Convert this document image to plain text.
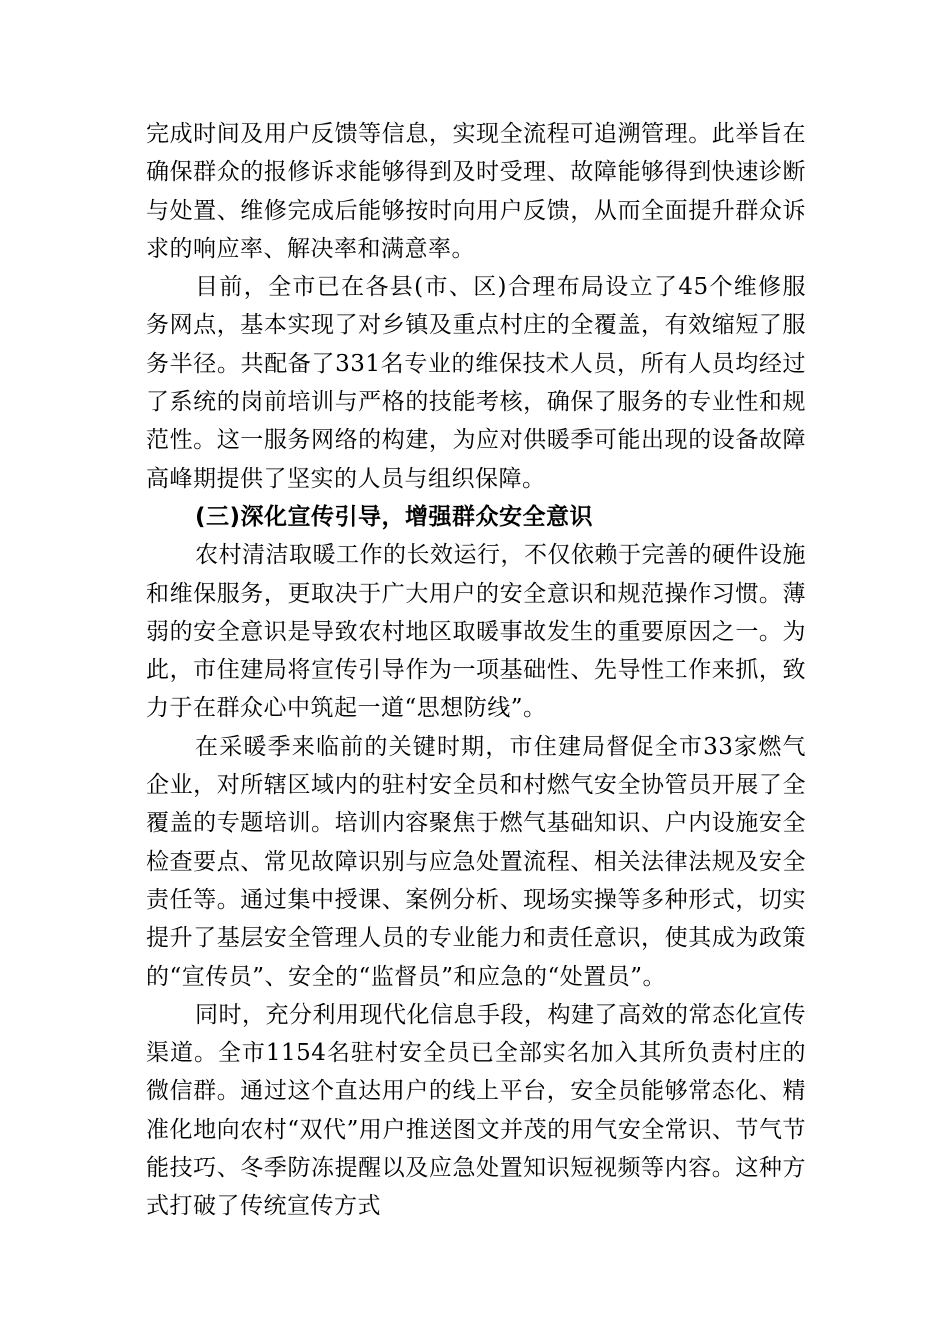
完成时间及用户反馈等信息，实现全流程可追溯管理。此举旨在确保群众的报修诉求能够得到及时受理、故障能够得到快速诊断与处置、维修完成后能够按时向用户反馈，从而全面提升群众诉求的响应率、解决率和满意率。

目前，全市已在各县(市、区)合理布局设立了45个维修服务网点，基本实现了对乡镇及重点村庄的全覆盖，有效缩短了服务半径。共配备了331名专业的维保技术人员，所有人员均经过了系统的岗前培训与严格的技能考核，确保了服务的专业性和规范性。这一服务网络的构建，为应对供暖季可能出现的设备故障高峰期提供了坚实的人员与组织保障。

(三)深化宣传引导，增强群众安全意识

农村清洁取暖工作的长效运行，不仅依赖于完善的硬件设施和维保服务，更取决于广大用户的安全意识和规范操作习惯。薄弱的安全意识是导致农村地区取暖事故发生的重要原因之一。为此，市住建局将宣传引导作为一项基础性、先导性工作来抓，致力于在群众心中筑起一道“思想防线”。

在采暖季来临前的关键时期，市住建局督促全市33家燃气企业，对所辖区域内的驻村安全员和村燃气安全协管员开展了全覆盖的专题培训。培训内容聚焦于燃气基础知识、户内设施安全检查要点、常见故障识别与应急处置流程、相关法律法规及安全责任等。通过集中授课、案例分析、现场实操等多种形式，切实提升了基层安全管理人员的专业能力和责任意识，使其成为政策的“宣传员”、安全的“监督员”和应急的“处置员”。

同时，充分利用现代化信息手段，构建了高效的常态化宣传渠道。全市1154名驻村安全员已全部实名加入其所负责村庄的微信群。通过这个直达用户的线上平台，安全员能够常态化、精准化地向农村“双代”用户推送图文并茂的用气安全常识、节气节能技巧、冬季防冻提醒以及应急处置知识短视频等内容。这种方式打破了传统宣传方式
